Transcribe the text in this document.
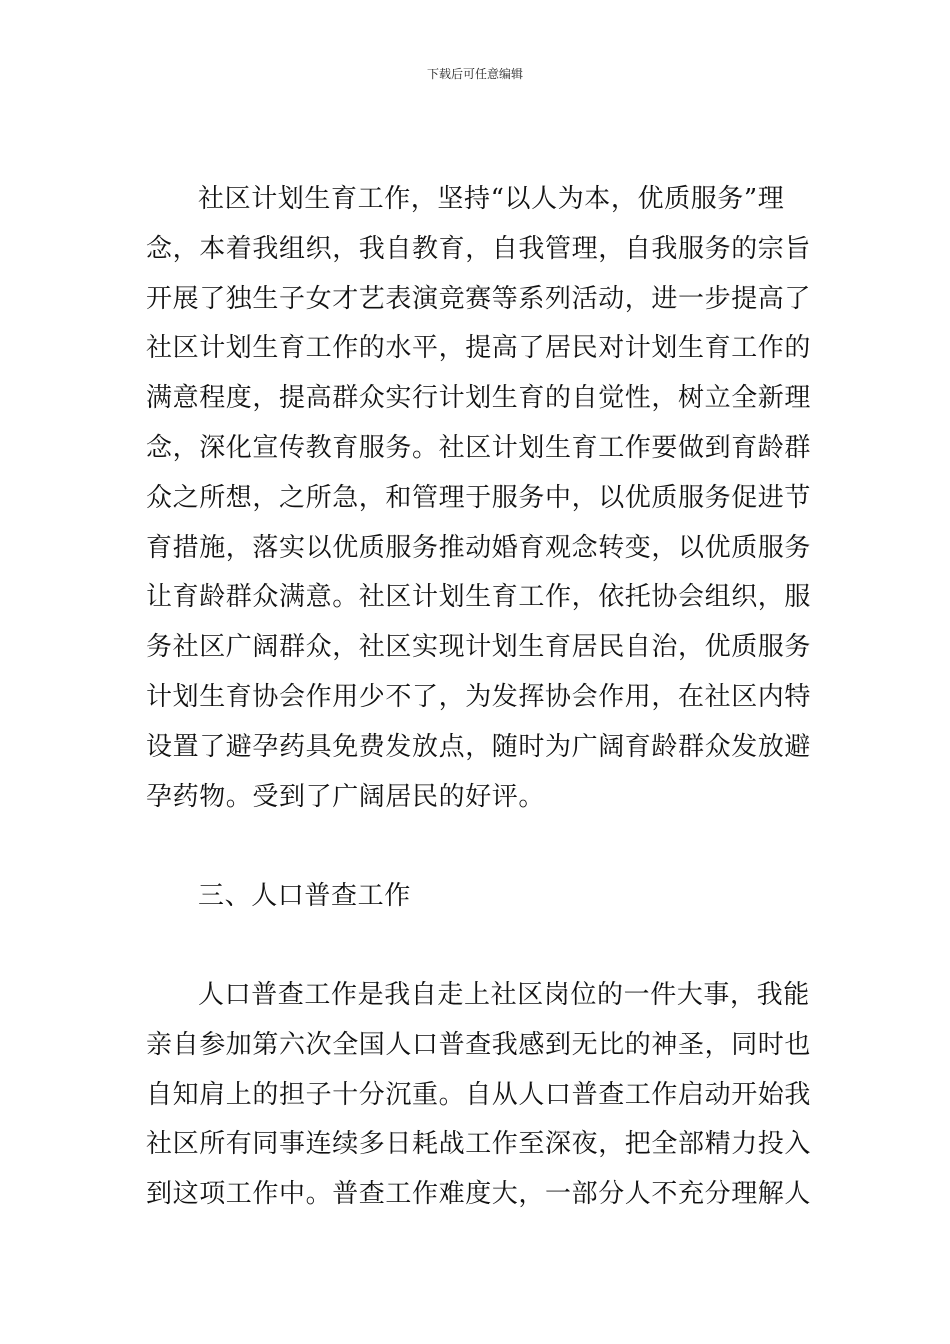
下载后可任意编辑

社区计划生育工作，坚持“以人为本，优质服务”理念，本着我组织，我自教育，自我管理，自我服务的宗旨开展了独生子女才艺表演竞赛等系列活动，进一步提高了社区计划生育工作的水平，提高了居民对计划生育工作的满意程度，提高群众实行计划生育的自觉性，树立全新理念，深化宣传教育服务。社区计划生育工作要做到育龄群众之所想，之所急，和管理于服务中，以优质服务促进节育措施，落实以优质服务推动婚育观念转变，以优质服务让育龄群众满意。社区计划生育工作，依托协会组织，服务社区广阔群众，社区实现计划生育居民自治，优质服务计划生育协会作用少不了，为发挥协会作用，在社区内特设置了避孕药具免费发放点，随时为广阔育龄群众发放避孕药物。受到了广阔居民的好评。

三、人口普查工作

人口普查工作是我自走上社区岗位的一件大事，我能亲自参加第六次全国人口普查我感到无比的神圣，同时也自知肩上的担子十分沉重。自从人口普查工作启动开始我社区所有同事连续多日耗战工作至深夜，把全部精力投入到这项工作中。普查工作难度大，一部分人不充分理解人
